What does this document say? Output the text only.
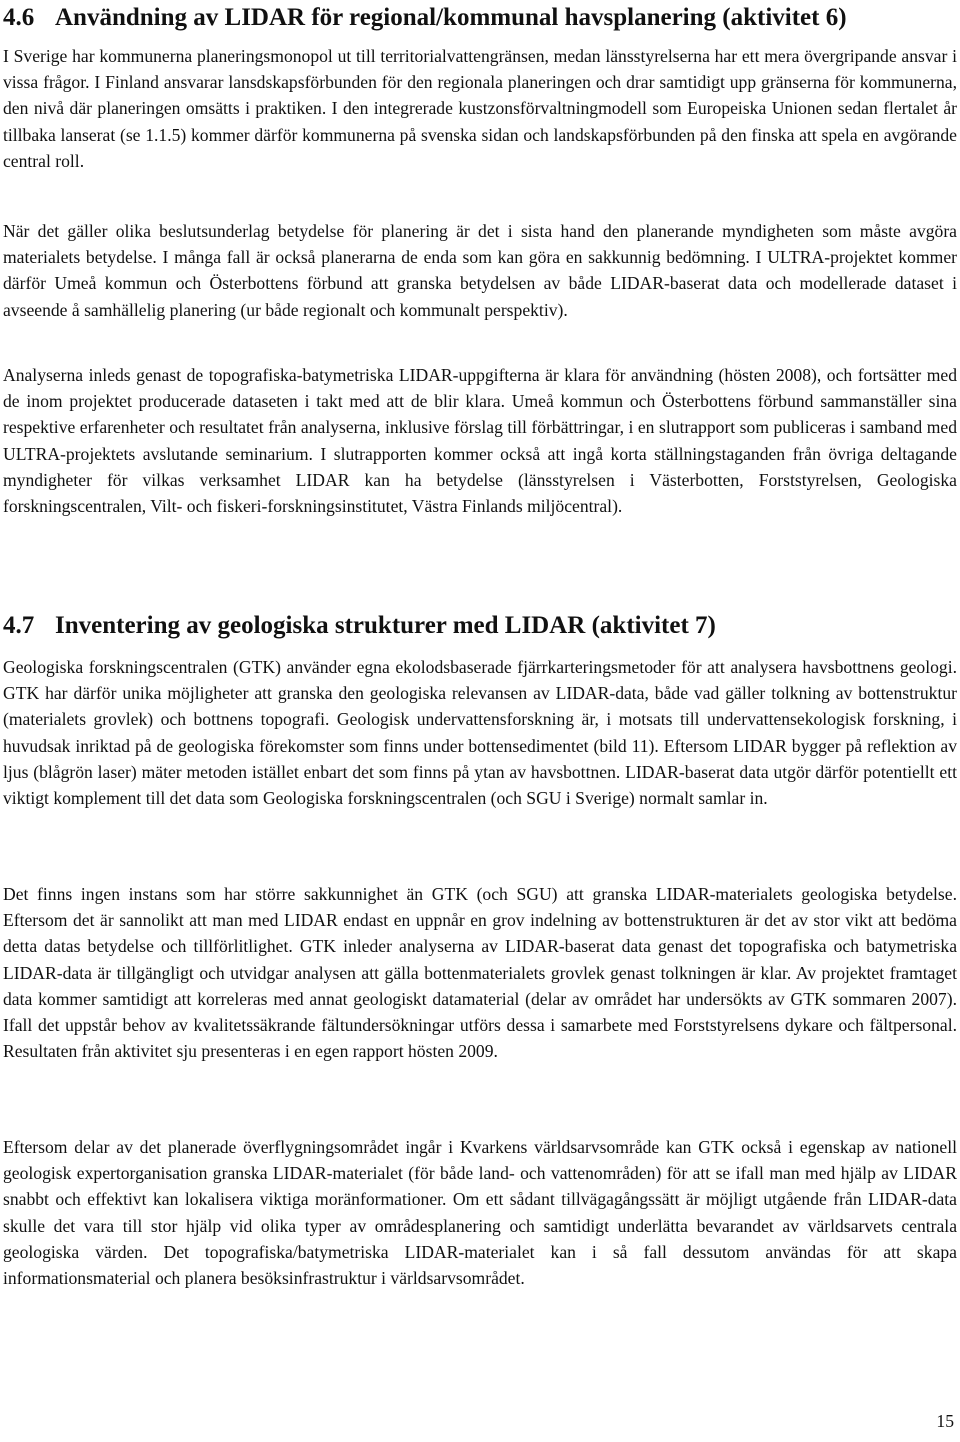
4.6 Användning av LIDAR för regional/kommunal havsplanering (aktivitet 6)

I Sverige har kommunerna planeringsmonopol ut till territorialvattengränsen, medan länsstyrelserna har ett mera övergripande ansvar i vissa frågor. I Finland ansvarar lansdskapsförbunden för den regionala planeringen och drar samtidigt upp gränserna för kommunerna, den nivå där planeringen omsätts i praktiken. I den integrerade kustzonsförvaltningmodell som Europeiska Unionen sedan flertalet år tillbaka lanserat (se 1.1.5) kommer därför kommunerna på svenska sidan och landskapsförbunden på den finska att spela en avgörande central roll.

När det gäller olika beslutsunderlag betydelse för planering är det i sista hand den planerande myndigheten som måste avgöra materialets betydelse. I många fall är också planerarna de enda som kan göra en sakkunnig bedömning. I ULTRA-projektet kommer därför Umeå kommun och Österbottens förbund att granska betydelsen av både LIDAR-baserat data och modellerade dataset i avseende å samhällelig planering (ur både regionalt och kommunalt perspektiv).

Analyserna inleds genast de topografiska-batymetriska LIDAR-uppgifterna är klara för användning (hösten 2008), och fortsätter med de inom projektet producerade dataseten i takt med att de blir klara. Umeå kommun och Österbottens förbund sammanställer sina respektive erfarenheter och resultatet från analyserna, inklusive förslag till förbättringar, i en slutrapport som publiceras i samband med ULTRA-projektets avslutande seminarium. I slutrapporten kommer också att ingå korta ställningstaganden från övriga deltagande myndigheter för vilkas verksamhet LIDAR kan ha betydelse (länsstyrelsen i Västerbotten, Forststyrelsen, Geologiska forskningscentralen, Vilt- och fiskeri-forskningsinstitutet, Västra Finlands miljöcentral).

4.7 Inventering av geologiska strukturer med LIDAR (aktivitet 7)

Geologiska forskningscentralen (GTK) använder egna ekolodsbaserade fjärrkarteringsmetoder för att analysera havsbottnens geologi. GTK har därför unika möjligheter att granska den geologiska relevansen av LIDAR-data, både vad gäller tolkning av bottenstruktur (materialets grovlek) och bottnens topografi. Geologisk undervattensforskning är, i motsats till undervattensekologisk forskning, i huvudsak inriktad på de geologiska förekomster som finns under bottensedimentet (bild 11). Eftersom LIDAR bygger på reflektion av ljus (blågrön laser) mäter metoden istället enbart det som finns på ytan av havsbottnen. LIDAR-baserat data utgör därför potentiellt ett viktigt komplement till det data som Geologiska forskningscentralen (och SGU i Sverige) normalt samlar in.

Det finns ingen instans som har större sakkunnighet än GTK (och SGU) att granska LIDAR-materialets geologiska betydelse. Eftersom det är sannolikt att man med LIDAR endast en uppnår en grov indelning av bottenstrukturen är det av stor vikt att bedöma detta datas betydelse och tillförlitlighet. GTK inleder analyserna av LIDAR-baserat data genast det topografiska och batymetriska LIDAR-data är tillgängligt och utvidgar analysen att gälla bottenmaterialets grovlek genast tolkningen är klar. Av projektet framtaget data kommer samtidigt att korreleras med annat geologiskt datamaterial (delar av området har undersökts av GTK sommaren 2007). Ifall det uppstår behov av kvalitetssäkrande fältundersökningar utförs dessa i samarbete med Forststyrelsens dykare och fältpersonal. Resultaten från aktivitet sju presenteras i en egen rapport hösten 2009.

Eftersom delar av det planerade överflygningsområdet ingår i Kvarkens världsarvsområde kan GTK också i egenskap av nationell geologisk expertorganisation granska LIDAR-materialet (för både land- och vattenområden) för att se ifall man med hjälp av LIDAR snabbt och effektivt kan lokalisera viktiga moränformationer. Om ett sådant tillvägagångssätt är möjligt utgående från LIDAR-data skulle det vara till stor hjälp vid olika typer av områdesplanering och samtidigt underlätta bevarandet av världsarvets centrala geologiska värden. Det topografiska/batymetriska LIDAR-materialet kan i så fall dessutom användas för att skapa informationsmaterial och planera besöksinfrastruktur i världsarvsområdet.

15
